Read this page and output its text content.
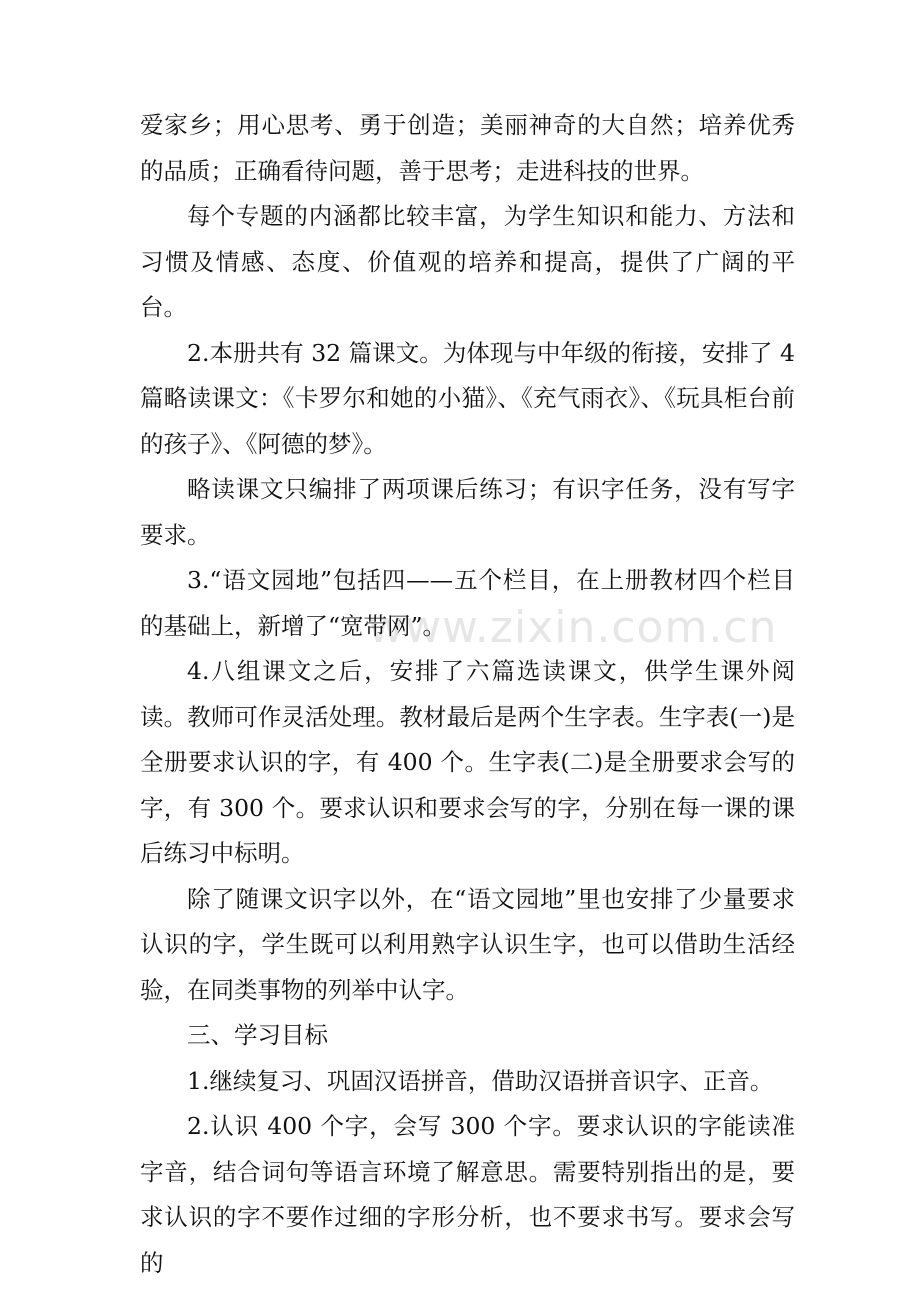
www.zixin.com.cn

爱家乡；用心思考、勇于创造；美丽神奇的大自然；培养优秀的品质；正确看待问题，善于思考；走进科技的世界。

每个专题的内涵都比较丰富，为学生知识和能力、方法和习惯及情感、态度、价值观的培养和提高，提供了广阔的平台。

2.本册共有 32 篇课文。为体现与中年级的衔接，安排了 4 篇略读课文：《卡罗尔和她的小猫》、《充气雨衣》、《玩具柜台前的孩子》、《阿德的梦》。

略读课文只编排了两项课后练习；有识字任务，没有写字要求。

3.“语文园地”包括四——五个栏目，在上册教材四个栏目的基础上，新增了“宽带网”。

4.八组课文之后，安排了六篇选读课文，供学生课外阅读。教师可作灵活处理。教材最后是两个生字表。生字表(一)是全册要求认识的字，有 400 个。生字表(二)是全册要求会写的字，有 300 个。要求认识和要求会写的字，分别在每一课的课后练习中标明。

除了随课文识字以外，在“语文园地”里也安排了少量要求认识的字，学生既可以利用熟字认识生字，也可以借助生活经验，在同类事物的列举中认字。

三、学习目标

1.继续复习、巩固汉语拼音，借助汉语拼音识字、正音。

2.认识 400 个字，会写 300 个字。要求认识的字能读准字音，结合词句等语言环境了解意思。需要特别指出的是，要求认识的字不要作过细的字形分析，也不要求书写。要求会写的
